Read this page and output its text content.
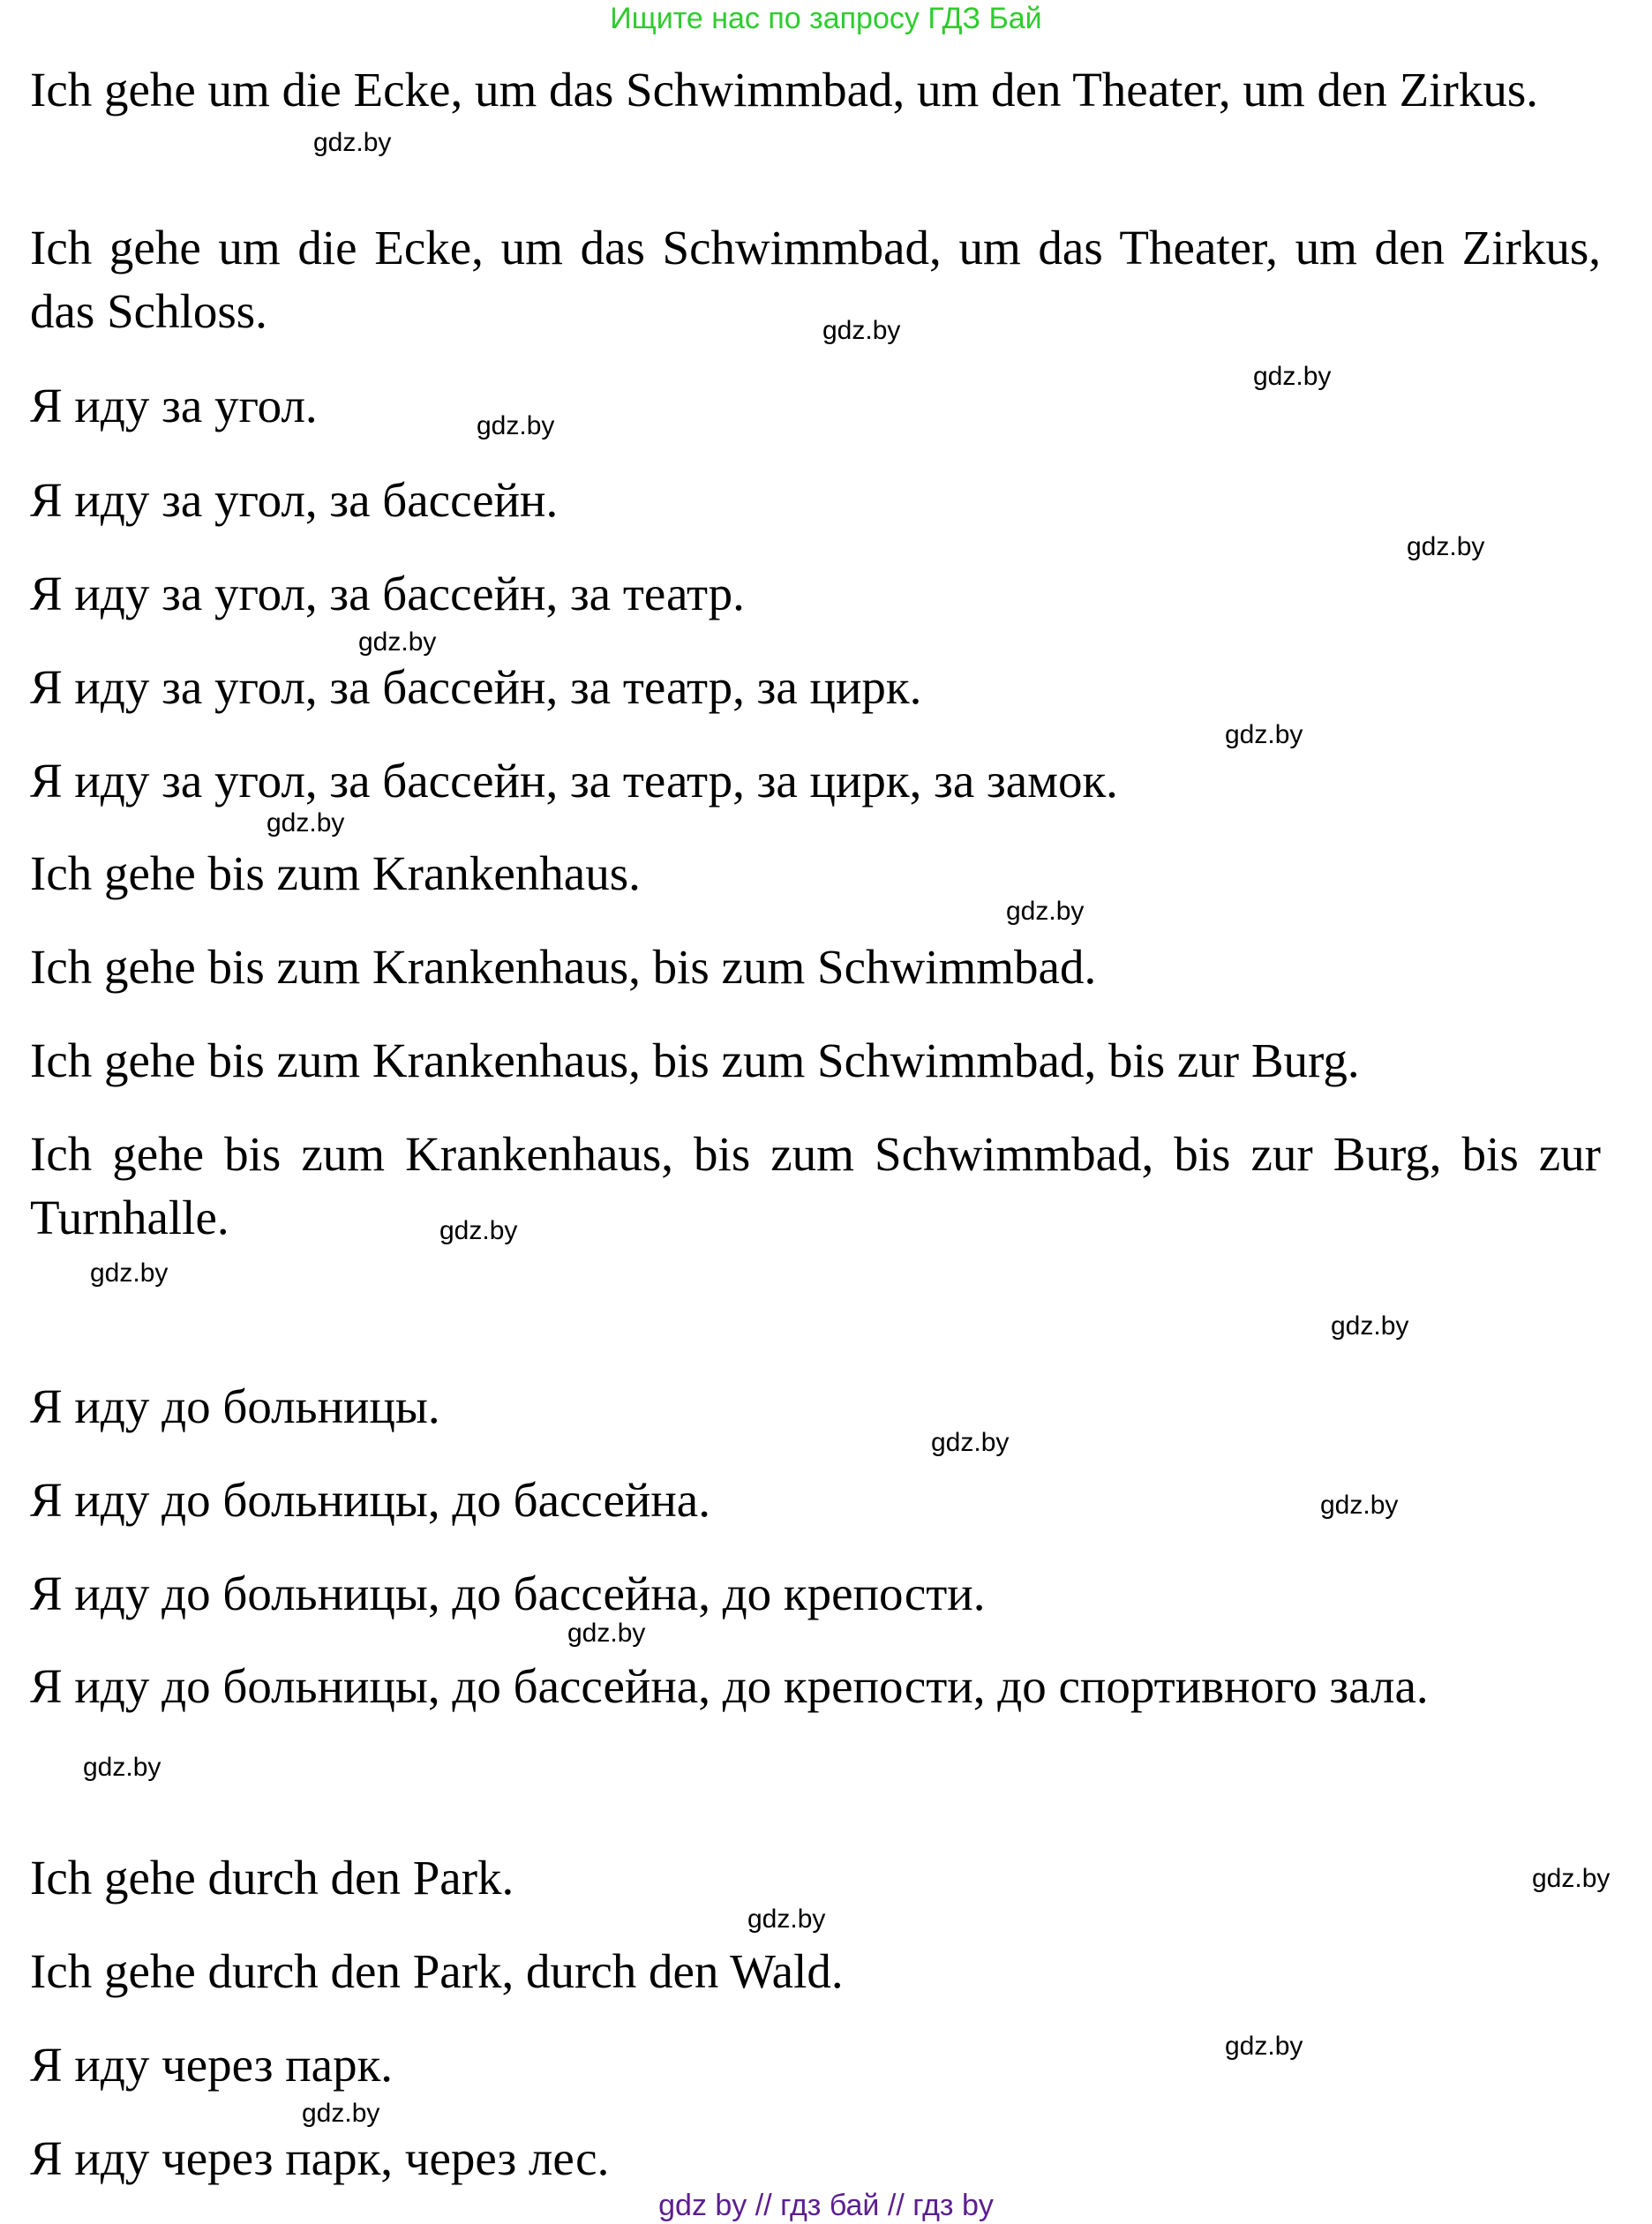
Ищите нас по запросу ГДЗ Бай

Ich gehe um die Ecke, um das Schwimmbad, um den Theater, um den Zirkus.

Ich gehe um die Ecke, um das Schwimmbad, um das Theater, um den Zirkus, das Schloss.

Я иду за угол.

Я иду за угол, за бассейн.

Я иду за угол, за бассейн, за театр.

Я иду за угол, за бассейн, за театр, за цирк.

Я иду за угол, за бассейн, за театр, за цирк, за замок.

Ich gehe bis zum Krankenhaus.

Ich gehe bis zum Krankenhaus, bis zum Schwimmbad.

Ich gehe bis zum Krankenhaus, bis zum Schwimmbad, bis zur Burg.

Ich gehe bis zum Krankenhaus, bis zum Schwimmbad, bis zur Burg, bis zur Turnhalle.

Я иду до больницы.

Я иду до больницы, до бассейна.

Я иду до больницы, до бассейна, до крепости.

Я иду до больницы, до бассейна, до крепости, до спортивного зала.

Ich gehe durch den Park.

Ich gehe durch den Park, durch den Wald.

Я иду через парк.

Я иду через парк, через лес.

gdz.by
gdz.by
gdz.by
gdz.by
gdz.by
gdz.by
gdz.by
gdz.by
gdz.by
gdz.by
gdz.by
gdz.by
gdz.by
gdz.by
gdz.by
gdz.by
gdz.by
gdz.by
gdz.by
gdz.by
gdz by // гдз бай // гдз by
